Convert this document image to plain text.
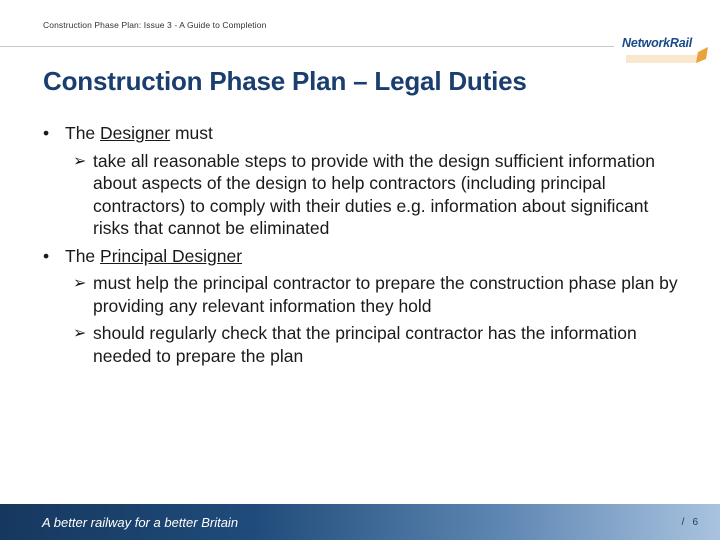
Construction Phase Plan: Issue 3 - A Guide to Completion
NetworkRail
Construction Phase Plan – Legal Duties
• The Designer must
➢ take all reasonable steps to provide with the design sufficient information about aspects of the design to help contractors (including principal contractors) to comply with their duties e.g. information about significant risks that cannot be eliminated
• The Principal Designer
➢ must help the principal contractor to prepare the construction phase plan by providing any relevant information they hold
➢ should regularly check that the principal contractor has the information needed to prepare the plan
A better railway for a better Britain	/ 6
